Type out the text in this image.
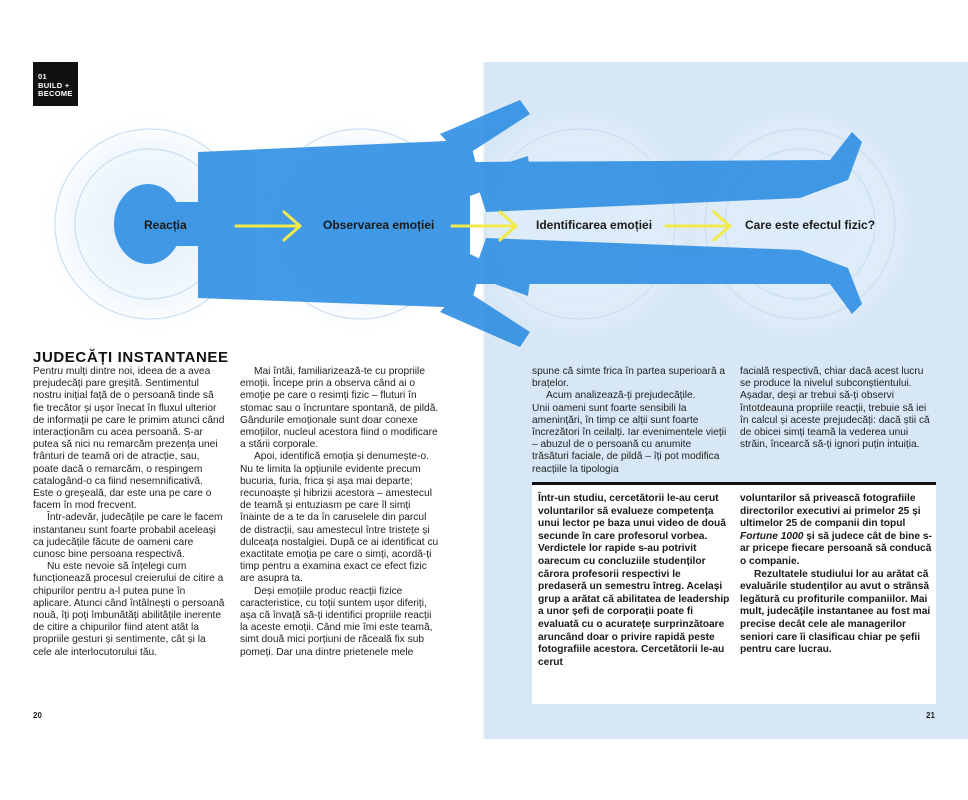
01
BUILD +
BECOME
Reacția	Observarea emoției	Identificarea emoției	Care este efectul fizic?
JUDECĂȚI INSTANTANEE

Pentru mulți dintre noi, ideea de a avea prejudecăți pare greșită. Sentimentul nostru inițial față de o persoană tinde să fie trecător și ușor înecat în fluxul ulterior de informații pe care le primim atunci când interacționăm cu acea persoană. S-ar putea să nici nu remarcăm prezența unei frânturi de teamă ori de atracție, sau, poate dacă o remarcăm, o respingem catalogând-o ca fiind nesemnificativă. Este o greșeală, dar este una pe care o facem în mod frecvent.

Într-adevăr, judecățile pe care le facem instantaneu sunt foarte probabil aceleași ca judecățile făcute de oameni care cunosc bine persoana respectivă.

Nu este nevoie să înțelegi cum funcționează procesul creierului de citire a chipurilor pentru a-l putea pune în aplicare. Atunci când întâlnești o persoană nouă, îți poți îmbunătăți abilitățile inerente de citire a chipurilor fiind atent atât la propriile gesturi și sentimente, cât și la cele ale interlocutorului tău.

Mai întâi, familiarizează-te cu propriile emoții. Începe prin a observa când ai o emoție pe care o resimți fizic – fluturi în stomac sau o încruntare spontană, de pildă. Gândurile emoționale sunt doar conexe emoțiilor, nucleul acestora fiind o modificare a stării corporale.

Apoi, identifică emoția și denumește-o. Nu te limita la opțiunile evidente precum bucuria, furia, frica și așa mai departe; recunoaște și hibrizii acestora – amestecul de teamă și entuziasm pe care îl simți înainte de a te da în caruselele din parcul de distracții, sau amestecul între tristețe și dulceața nostalgiei. După ce ai identificat cu exactitate emoția pe care o simți, acordă-ți timp pentru a examina exact ce efect fizic are asupra ta.

Deși emoțiile produc reacții fizice caracteristice, cu toții suntem ușor diferiți, așa că învață să-ți identifici propriile reacții la aceste emoții. Când mie îmi este teamă, simt două mici porțiuni de răceală fix sub pomeți. Dar una dintre prietenele mele

spune că simte frica în partea superioară a brațelor.

Acum analizează-ți prejudecățile.

Unii oameni sunt foarte sensibili la amenințări, în timp ce alții sunt foarte încrezători în ceilalți. Iar evenimentele vieții – abuzul de o persoană cu anumite trăsături faciale, de pildă – îți pot modifica reacțiile la tipologia

facială respectivă, chiar dacă acest lucru se produce la nivelul subconștientului. Așadar, deși ar trebui să-ți observi întotdeauna propriile reacții, trebuie să iei în calcul și aceste prejudecăți: dacă știi că de obicei simți teamă la vederea unui străin, încearcă să-ți ignori puțin intuiția.

Într-un studiu, cercetătorii le-au cerut voluntarilor să evalueze competența unui lector pe baza unui video de două secunde în care profesorul vorbea. Verdictele lor rapide s-au potrivit oarecum cu concluziile studenților cărora profesorii respectivi le predaseră un semestru întreg. Același grup a arătat că abilitatea de leadership a unor șefi de corporații poate fi evaluată cu o acuratețe surprinzătoare aruncând doar o privire rapidă peste fotografiile acestora. Cercetătorii le-au cerut

voluntarilor să privească fotografiile directorilor executivi ai primelor 25 și ultimelor 25 de companii din topul Fortune 1000 și să judece cât de bine s-ar pricepe fiecare persoană să conducă o companie.

Rezultatele studiului lor au arătat că evaluările studenților au avut o strânsă legătură cu profiturile companiilor. Mai mult, judecățile instantanee au fost mai precise decât cele ale managerilor seniori care îi clasificau chiar pe șefii pentru care lucrau.

20	21
